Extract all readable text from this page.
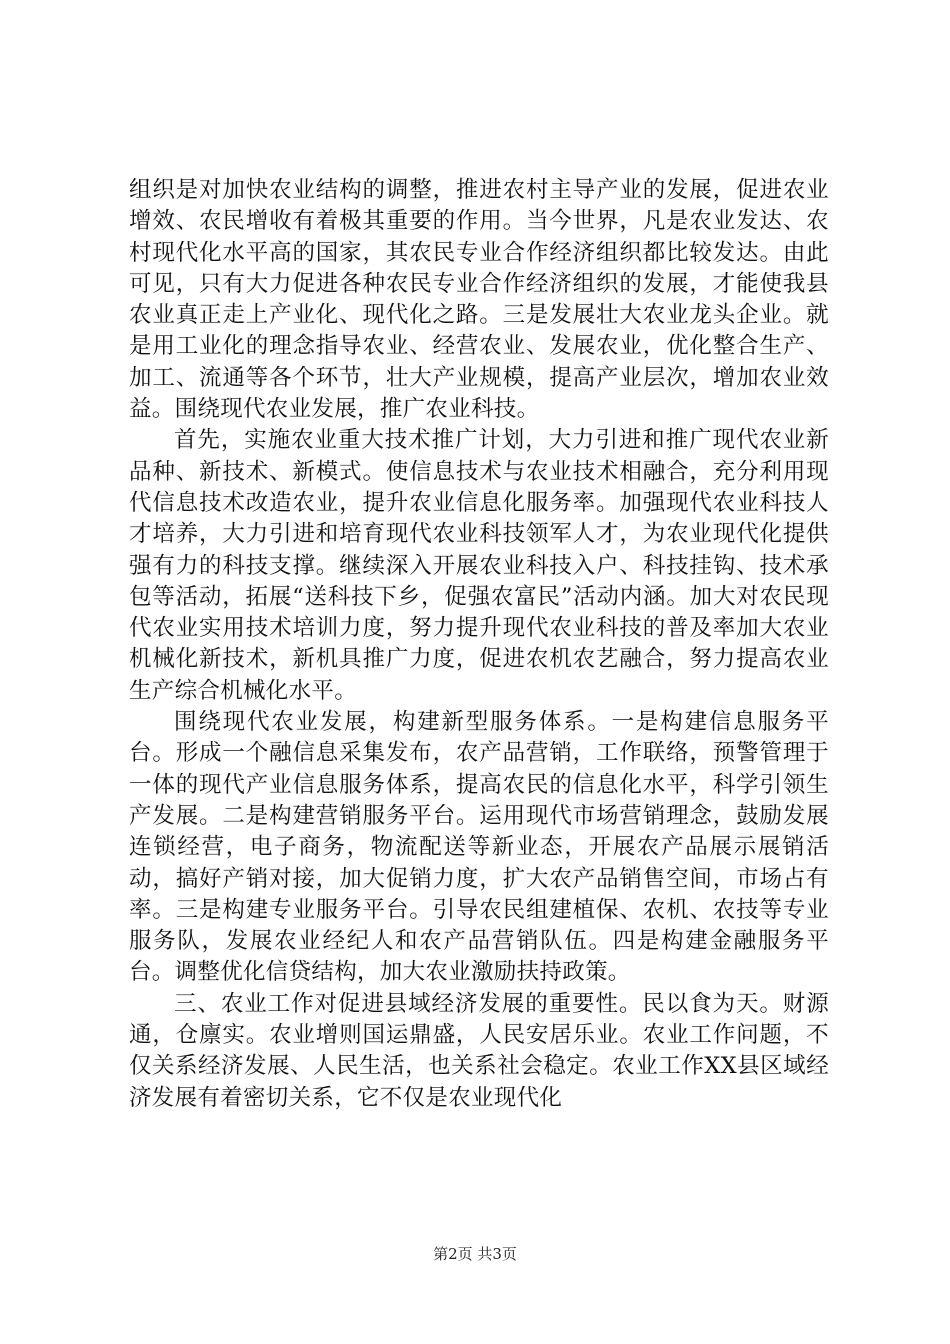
组织是对加快农业结构的调整，推进农村主导产业的发展，促进农业增效、农民增收有着极其重要的作用。当今世界，凡是农业发达、农村现代化水平高的国家，其农民专业合作经济组织都比较发达。由此可见，只有大力促进各种农民专业合作经济组织的发展，才能使我县农业真正走上产业化、现代化之路。三是发展壮大农业龙头企业。就是用工业化的理念指导农业、经营农业、发展农业，优化整合生产、加工、流通等各个环节，壮大产业规模，提高产业层次，增加农业效益。围绕现代农业发展，推广农业科技。

首先，实施农业重大技术推广计划，大力引进和推广现代农业新品种、新技术、新模式。使信息技术与农业技术相融合，充分利用现代信息技术改造农业，提升农业信息化服务率。加强现代农业科技人才培养，大力引进和培育现代农业科技领军人才，为农业现代化提供强有力的科技支撑。继续深入开展农业科技入户、科技挂钩、技术承包等活动，拓展“送科技下乡，促强农富民”活动内涵。加大对农民现代农业实用技术培训力度，努力提升现代农业科技的普及率加大农业机械化新技术，新机具推广力度，促进农机农艺融合，努力提高农业生产综合机械化水平。

围绕现代农业发展，构建新型服务体系。一是构建信息服务平台。形成一个融信息采集发布，农产品营销，工作联络，预警管理于一体的现代产业信息服务体系，提高农民的信息化水平，科学引领生产发展。二是构建营销服务平台。运用现代市场营销理念，鼓励发展连锁经营，电子商务，物流配送等新业态，开展农产品展示展销活动，搞好产销对接，加大促销力度，扩大农产品销售空间，市场占有率。三是构建专业服务平台。引导农民组建植保、农机、农技等专业服务队，发展农业经纪人和农产品营销队伍。四是构建金融服务平台。调整优化信贷结构，加大农业激励扶持政策。

三、农业工作对促进县域经济发展的重要性。民以食为天。财源通，仓廪实。农业增则国运鼎盛，人民安居乐业。农业工作问题，不仅关系经济发展、人民生活，也关系社会稳定。农业工作XX县区域经济发展有着密切关系，它不仅是农业现代化

第2页 共3页
